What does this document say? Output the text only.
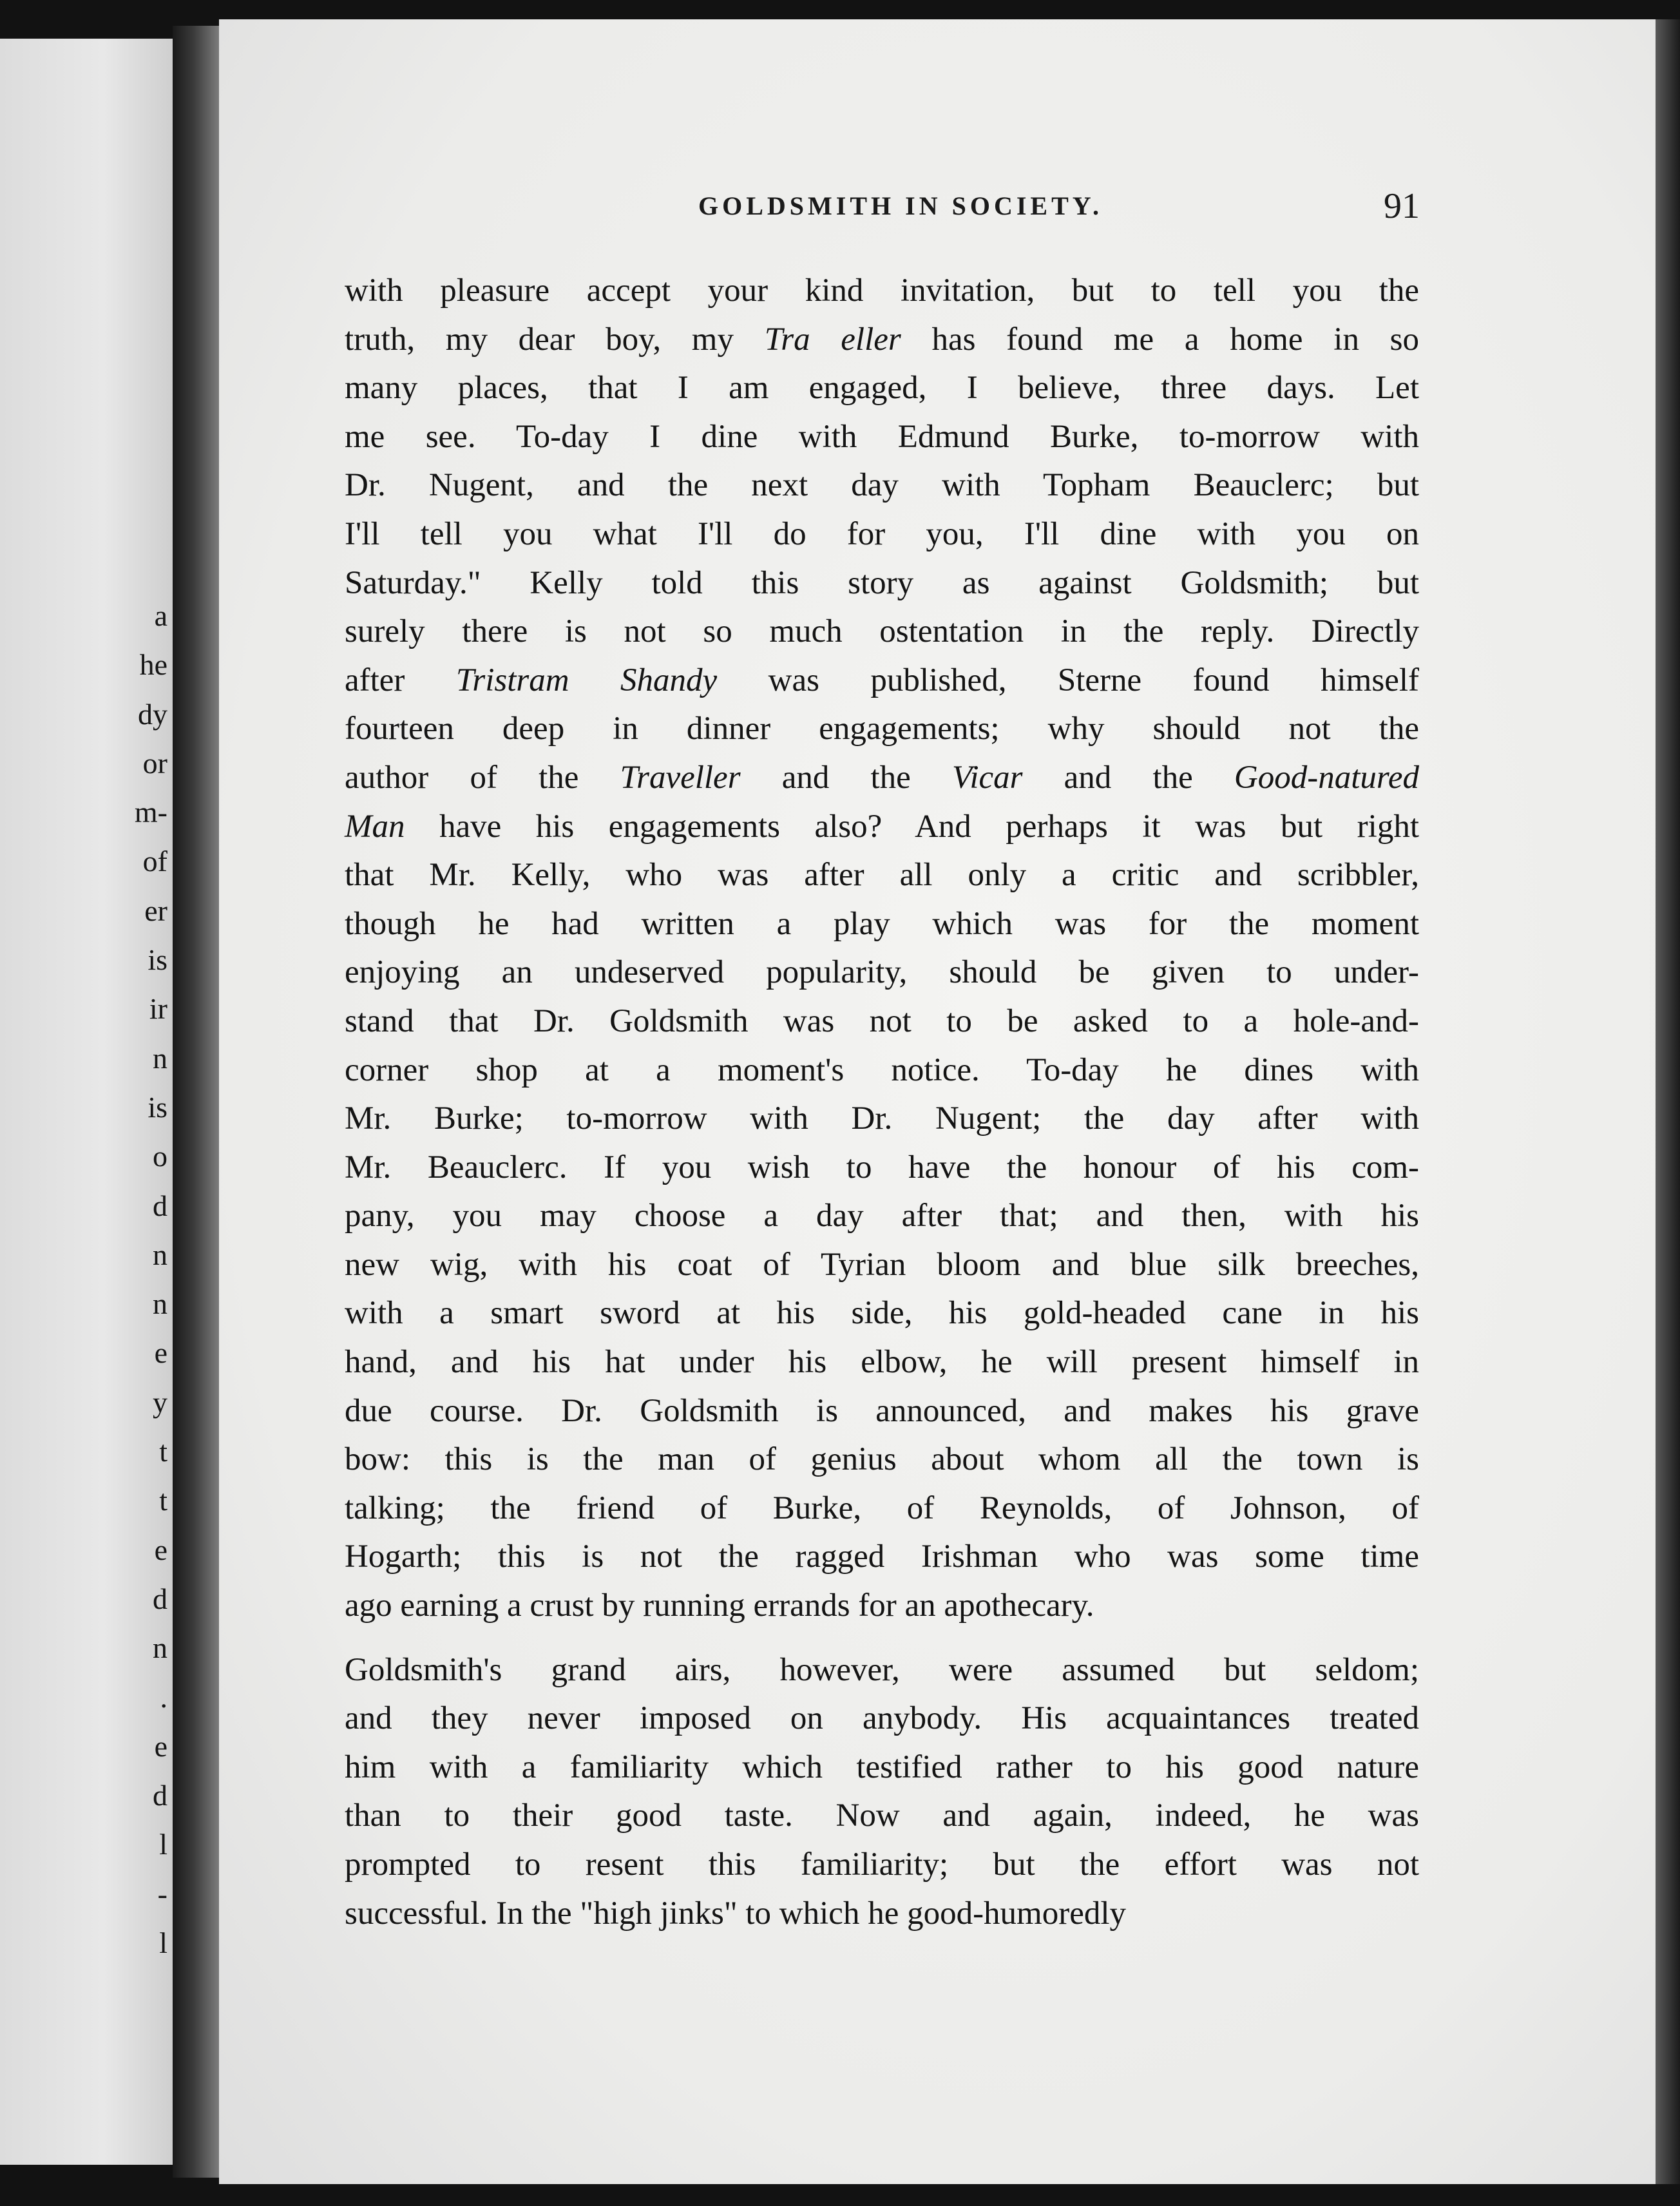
a
he
dy
or
m-
of
er
is
ir
n
is
o
d
n
n
e
y
t
t
e
d
n
.
e
d
l
-
l
GOLDSMITH IN SOCIETY.	91
with pleasure accept your kind invitation, but to tell you the
truth, my dear boy, my Tra eller has found me a home in so
many places, that I am engaged, I believe, three days. Let
me see. To-day I dine with Edmund Burke, to-morrow with
Dr. Nugent, and the next day with Topham Beauclerc; but
I'll tell you what I'll do for you, I'll dine with you on
Saturday." Kelly told this story as against Goldsmith; but
surely there is not so much ostentation in the reply. Directly
after Tristram Shandy was published, Sterne found himself
fourteen deep in dinner engagements; why should not the
author of the Traveller and the Vicar and the Good-natured
Man have his engagements also? And perhaps it was but right
that Mr. Kelly, who was after all only a critic and scribbler,
though he had written a play which was for the moment
enjoying an undeserved popularity, should be given to under-
stand that Dr. Goldsmith was not to be asked to a hole-and-
corner shop at a moment's notice. To-day he dines with
Mr. Burke; to-morrow with Dr. Nugent; the day after with
Mr. Beauclerc. If you wish to have the honour of his com-
pany, you may choose a day after that; and then, with his
new wig, with his coat of Tyrian bloom and blue silk breeches,
with a smart sword at his side, his gold-headed cane in his
hand, and his hat under his elbow, he will present himself in
due course. Dr. Goldsmith is announced, and makes his grave
bow: this is the man of genius about whom all the town is
talking; the friend of Burke, of Reynolds, of Johnson, of
Hogarth; this is not the ragged Irishman who was some time
ago earning a crust by running errands for an apothecary.
Goldsmith's grand airs, however, were assumed but seldom;
and they never imposed on anybody. His acquaintances treated
him with a familiarity which testified rather to his good nature
than to their good taste. Now and again, indeed, he was
prompted to resent this familiarity; but the effort was not
successful. In the "high jinks" to which he good-humoredly
